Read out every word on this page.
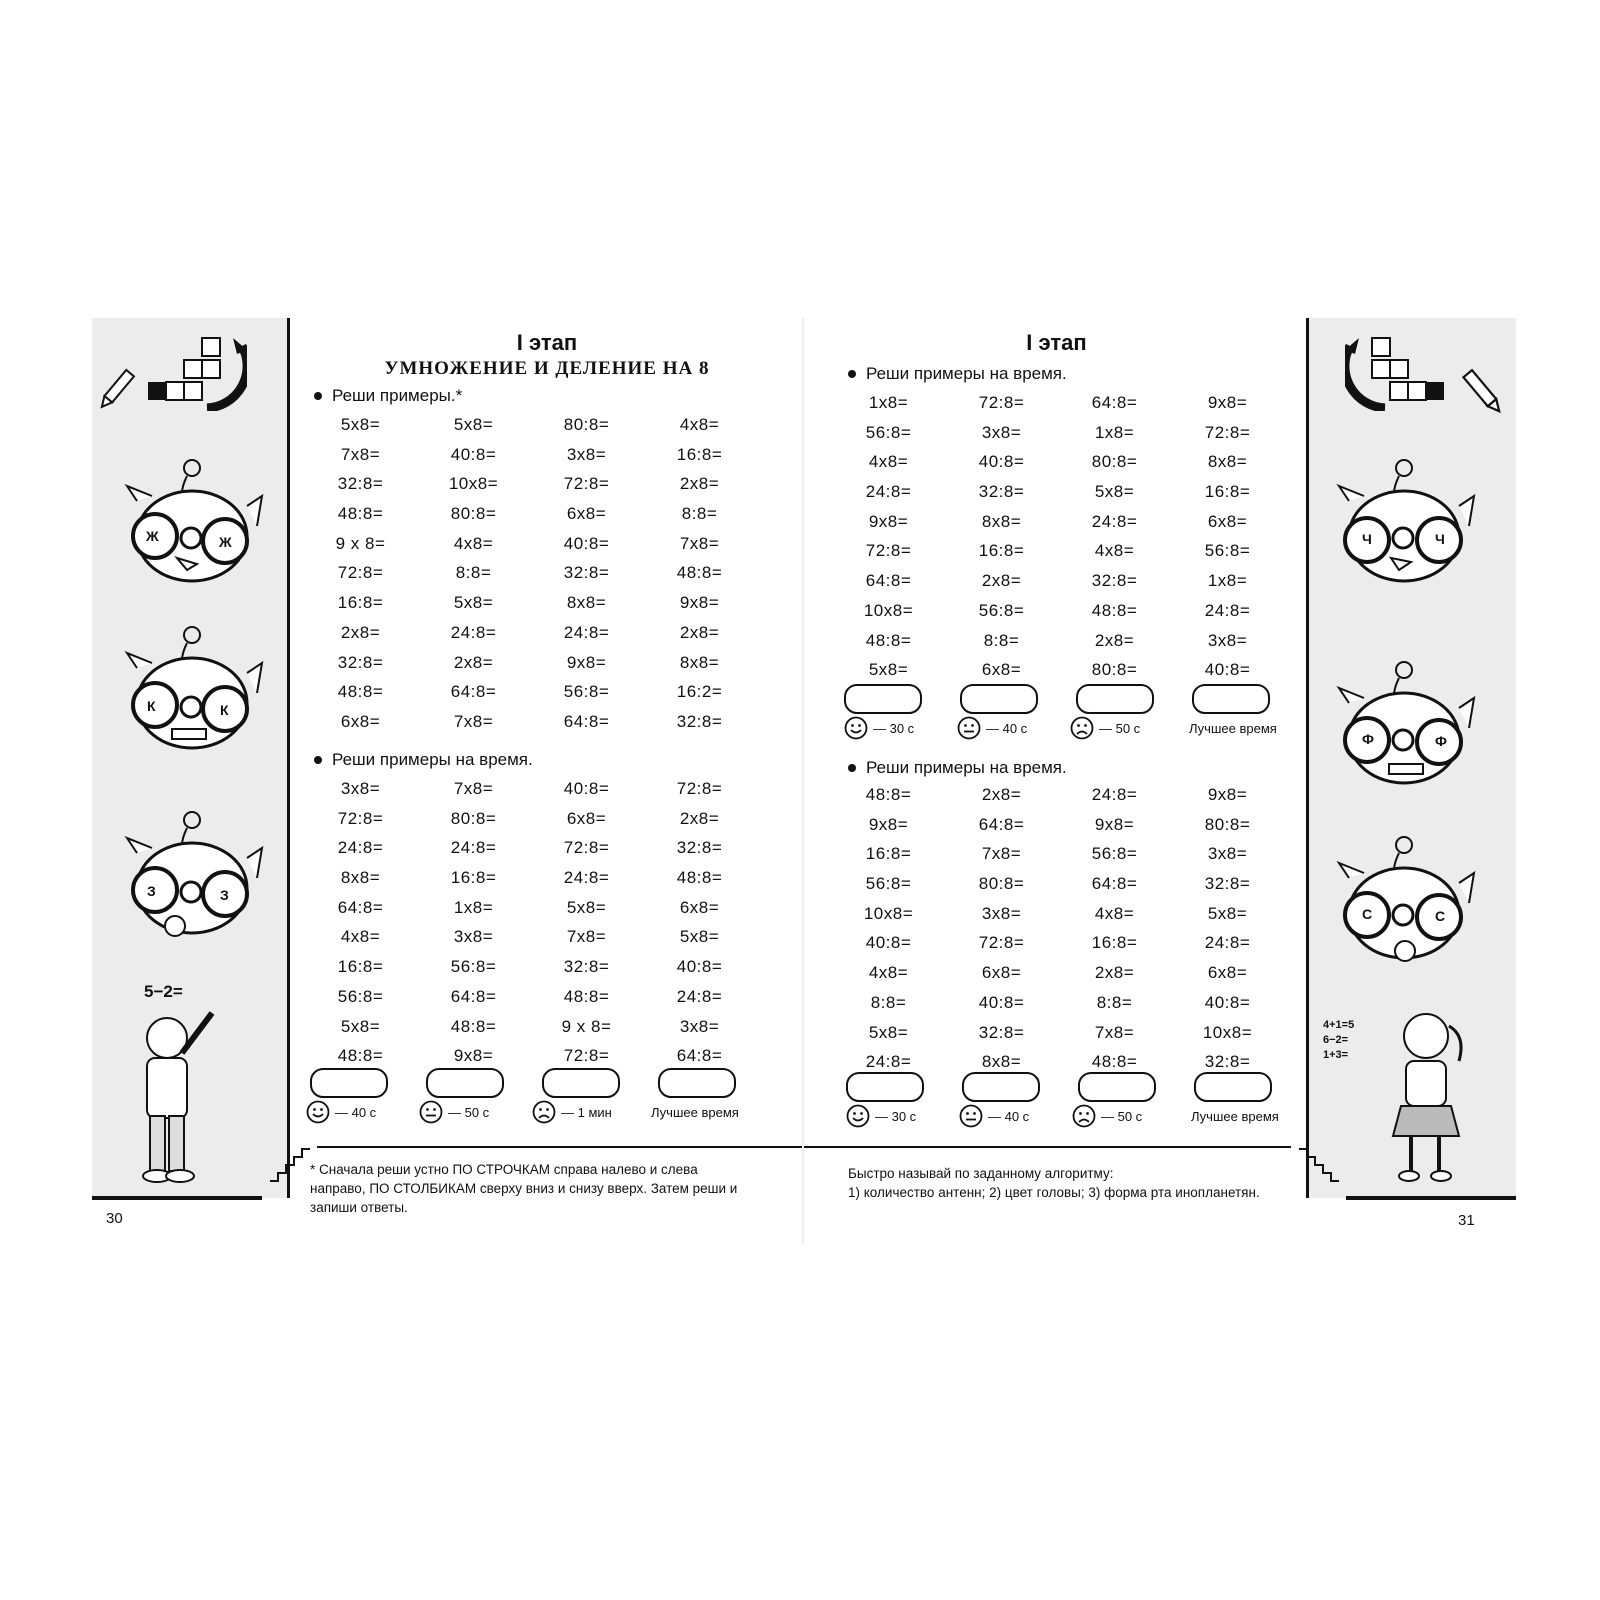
Ж	Ж
К	К
З	З
5−2=
I этап
УМНОЖЕНИЕ И ДЕЛЕНИЕ НА 8
Реши примеры.*
5x8=	5x8=	80:8=	4x8=
7x8=	40:8=	3x8=	16:8=
32:8=	10x8=	72:8=	2x8=
48:8=	80:8=	6x8=	8:8=
9 x 8=	4x8=	40:8=	7x8=
72:8=	8:8=	32:8=	48:8=
16:8=	5x8=	8x8=	9x8=
2x8=	24:8=	24:8=	2x8=
32:8=	2x8=	9x8=	8x8=
48:8=	64:8=	56:8=	16:2=
6x8=	7x8=	64:8=	32:8=
Реши примеры на время.
3x8=	7x8=	40:8=	72:8=
72:8=	80:8=	6x8=	2x8=
24:8=	24:8=	72:8=	32:8=
8x8=	16:8=	24:8=	48:8=
64:8=	1x8=	5x8=	6x8=
4x8=	3x8=	7x8=	5x8=
16:8=	56:8=	32:8=	40:8=
56:8=	64:8=	48:8=	24:8=
5x8=	48:8=	9 x 8=	3x8=
48:8=	9x8=	72:8=	64:8=
— 40 с	— 50 с	— 1 мин	Лучшее время
* Сначала реши устно ПО СТРОЧКАМ справа налево и слева направо, ПО СТОЛБИКАМ сверху вниз и снизу вверх. Затем реши и запиши ответы.
30
Ч	Ч
Ф	Ф
С	С
4+1=5
6−2=
1+3=
I этап
Реши примеры на время.
1x8=	72:8=	64:8=	9x8=
56:8=	3x8=	1x8=	72:8=
4x8=	40:8=	80:8=	8x8=
24:8=	32:8=	5x8=	16:8=
9x8=	8x8=	24:8=	6x8=
72:8=	16:8=	4x8=	56:8=
64:8=	2x8=	32:8=	1x8=
10x8=	56:8=	48:8=	24:8=
48:8=	8:8=	2x8=	3x8=
5x8=	6x8=	80:8=	40:8=
— 30 с	— 40 с	— 50 с	Лучшее время
Реши примеры на время.
48:8=	2x8=	24:8=	9x8=
9x8=	64:8=	9x8=	80:8=
16:8=	7x8=	56:8=	3x8=
56:8=	80:8=	64:8=	32:8=
10x8=	3x8=	4x8=	5x8=
40:8=	72:8=	16:8=	24:8=
4x8=	6x8=	2x8=	6x8=
8:8=	40:8=	8:8=	40:8=
5x8=	32:8=	7x8=	10x8=
24:8=	8x8=	48:8=	32:8=
— 30 с	— 40 с	— 50 с	Лучшее время
Быстро называй по заданному алгоритму:
1) количество антенн; 2) цвет головы; 3) форма рта инопланетян.
31
